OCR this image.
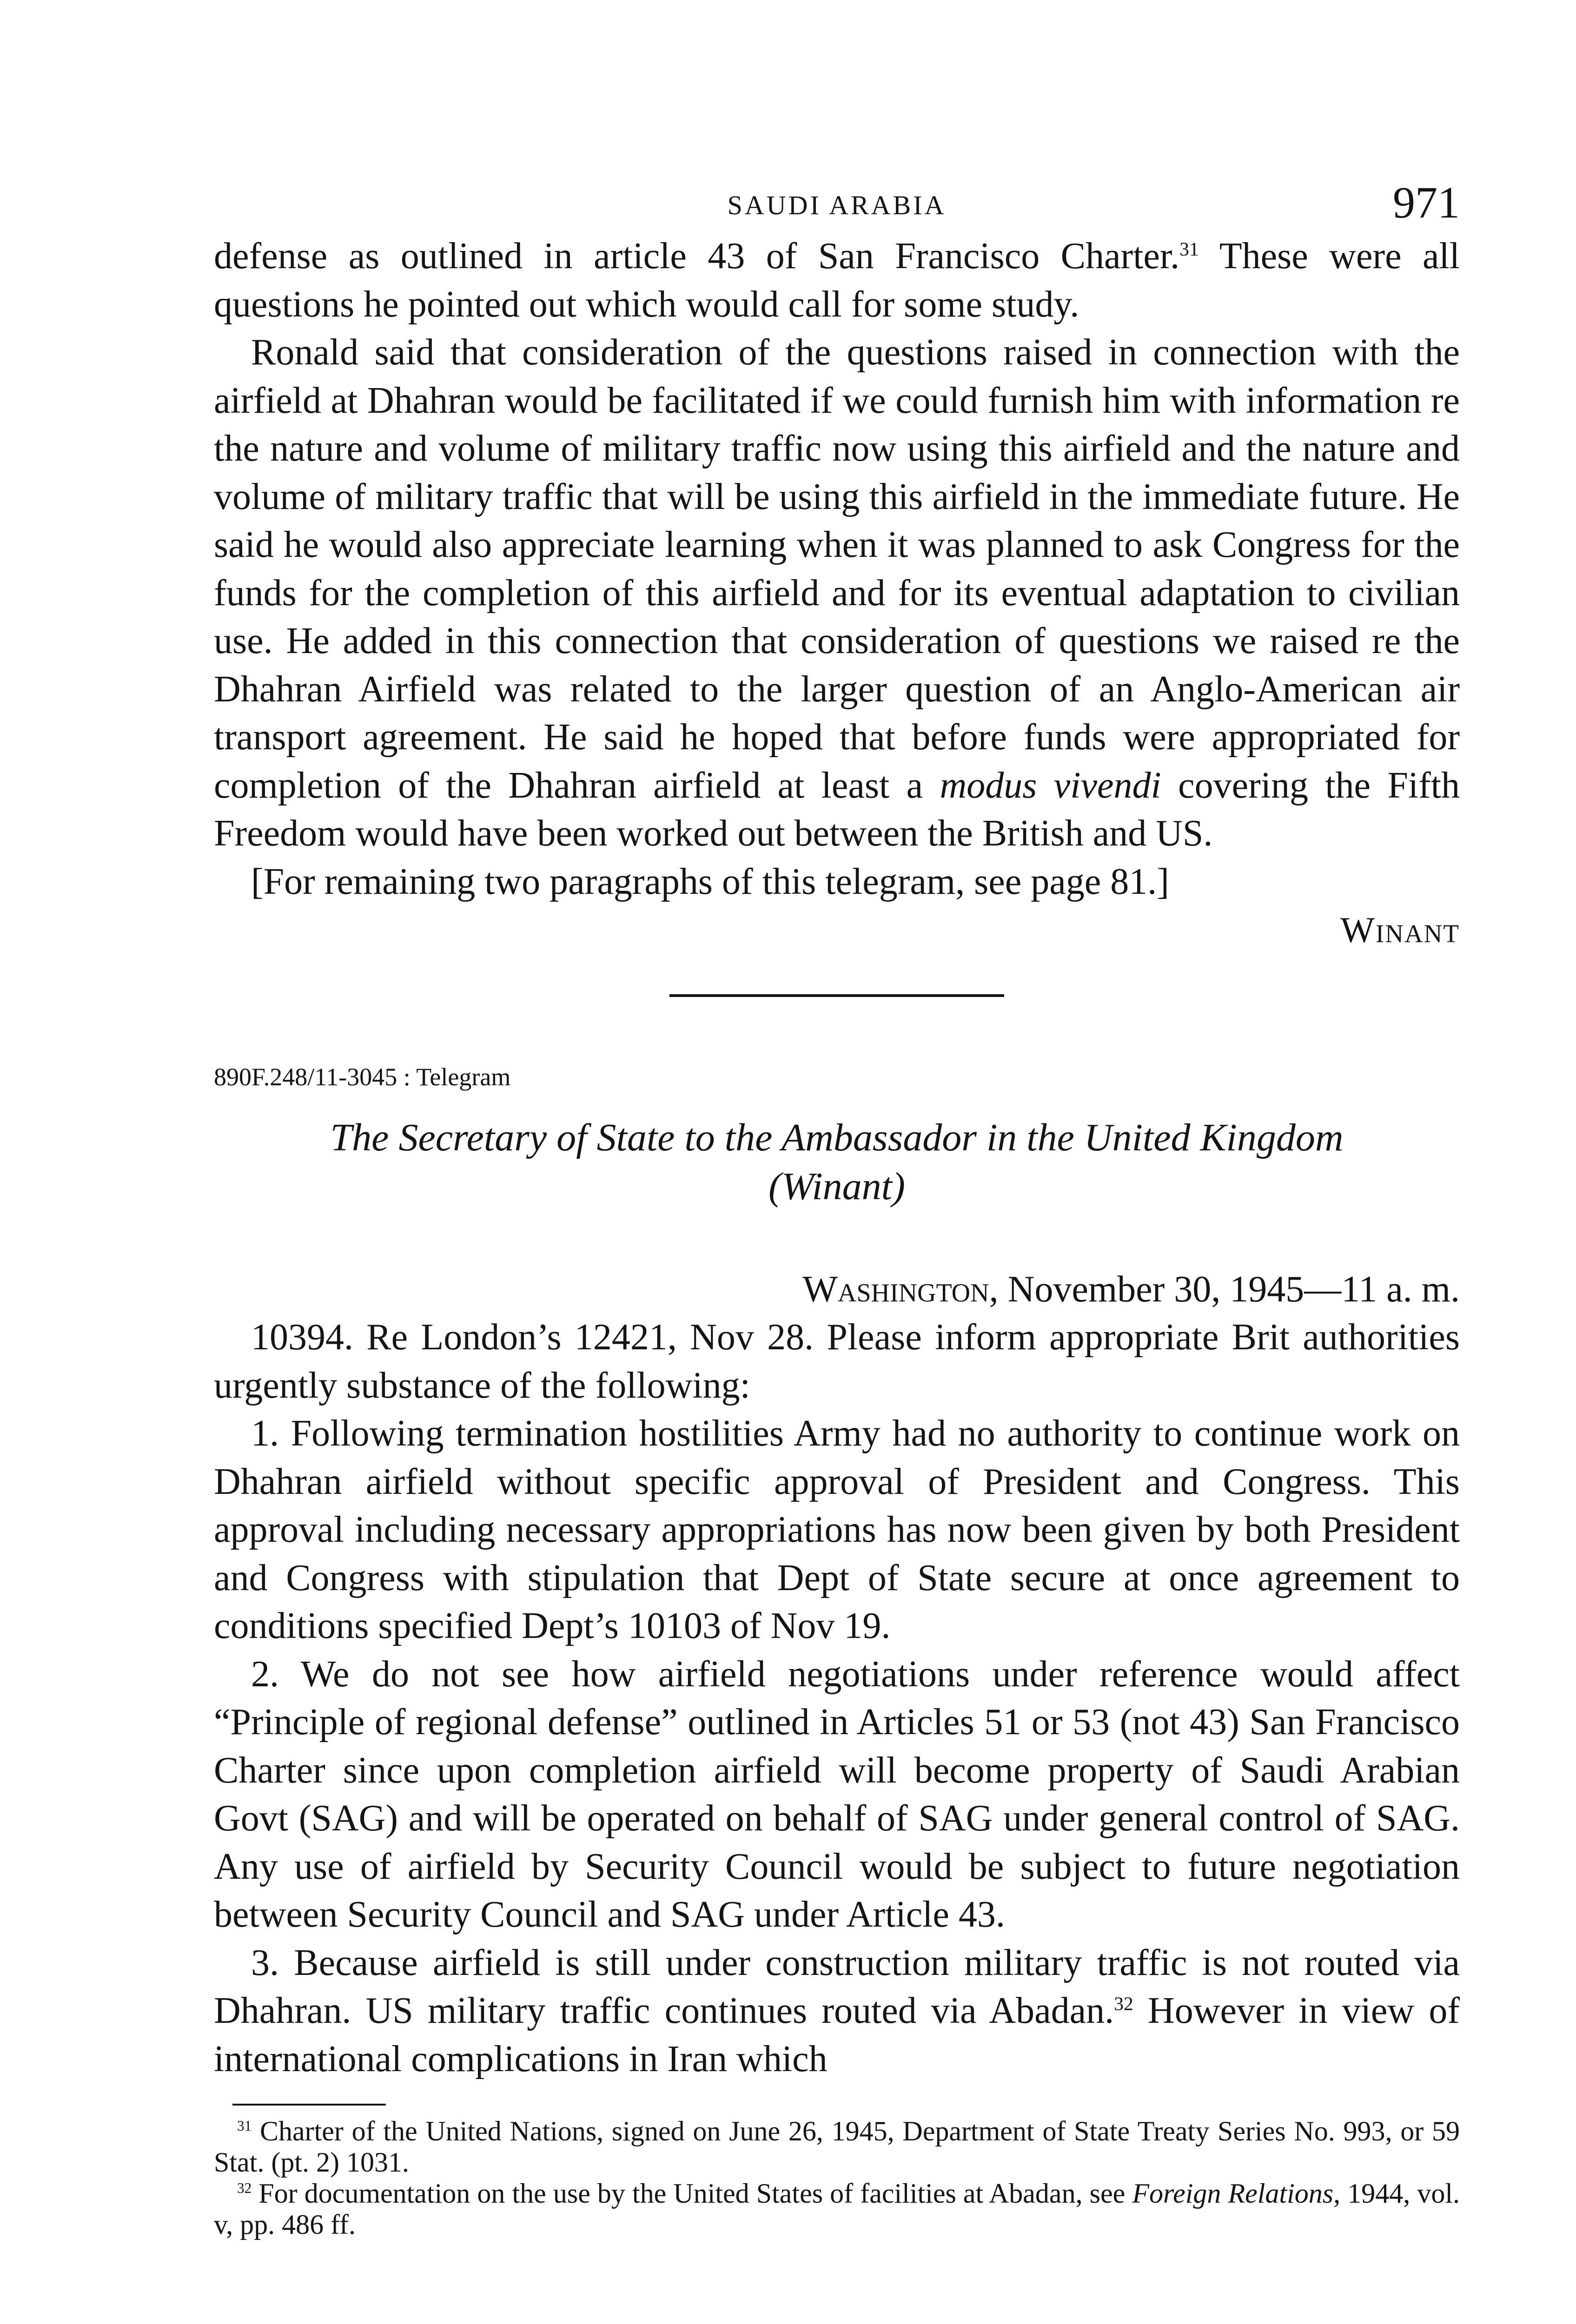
SAUDI ARABIA	971

defense as outlined in article 43 of San Francisco Charter.$^{31}$ These were all questions he pointed out which would call for some study.

Ronald said that consideration of the questions raised in connection with the airfield at Dhahran would be facilitated if we could furnish him with information re the nature and volume of military traffic now using this airfield and the nature and volume of military traffic that will be using this airfield in the immediate future. He said he would also appreciate learning when it was planned to ask Congress for the funds for the completion of this airfield and for its eventual adaptation to civilian use. He added in this connection that consideration of questions we raised re the Dhahran Airfield was related to the larger question of an Anglo-American air transport agreement. He said he hoped that before funds were appropriated for completion of the Dhahran airfield at least a modus vivendi covering the Fifth Freedom would have been worked out between the British and US.

[For remaining two paragraphs of this telegram, see page 81.]

Winant
890F.248/11-3045 : Telegram
The Secretary of State to the Ambassador in the United Kingdom
(Winant)
Washington, November 30, 1945—11 a. m.

10394. Re London’s 12421, Nov 28. Please inform appropriate Brit authorities urgently substance of the following:

1. Following termination hostilities Army had no authority to continue work on Dhahran airfield without specific approval of President and Congress. This approval including necessary appropriations has now been given by both President and Congress with stipulation that Dept of State secure at once agreement to conditions specified Dept’s 10103 of Nov 19.

2. We do not see how airfield negotiations under reference would affect “Principle of regional defense” outlined in Articles 51 or 53 (not 43) San Francisco Charter since upon completion airfield will become property of Saudi Arabian Govt (SAG) and will be operated on behalf of SAG under general control of SAG. Any use of airfield by Security Council would be subject to future negotiation between Security Council and SAG under Article 43.

3. Because airfield is still under construction military traffic is not routed via Dhahran. US military traffic continues routed via Abadan.$^{32}$ However in view of international complications in Iran which

$^{31}$ Charter of the United Nations, signed on June 26, 1945, Department of State Treaty Series No. 993, or 59 Stat. (pt. 2) 1031.

$^{32}$ For documentation on the use by the United States of facilities at Abadan, see Foreign Relations, 1944, vol. v, pp. 486 ff.
